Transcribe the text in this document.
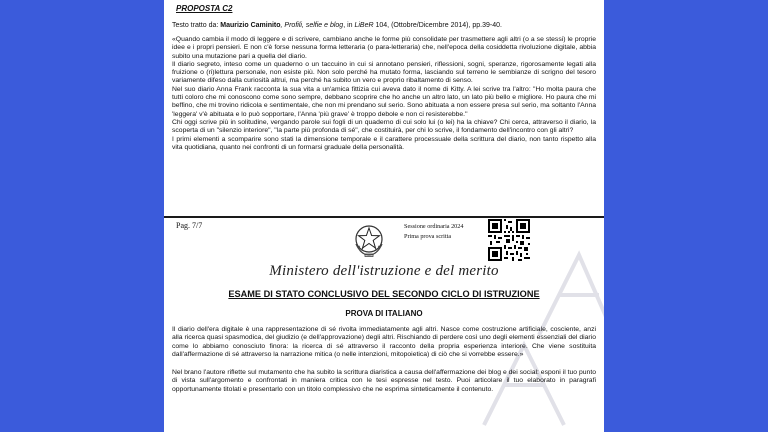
PROPOSTA C2
Testo tratto da: Maurizio Caminito, Profili, selfie e blog, in LiBeR 104, (Ottobre/Dicembre 2014), pp.39-40.

«Quando cambia il modo di leggere e di scrivere, cambiano anche le forme più consolidate per trasmettere agli altri (o a se stessi) le proprie idee e i propri pensieri. E non c'è forse nessuna forma letteraria (o para-letteraria) che, nell'epoca della cosiddetta rivoluzione digitale, abbia subito una mutazione pari a quella del diario.

Il diario segreto, inteso come un quaderno o un taccuino in cui si annotano pensieri, riflessioni, sogni, speranze, rigorosamente legati alla fruizione o (ri)lettura personale, non esiste più. Non solo perché ha mutato forma, lasciando sul terreno le sembianze di scrigno del tesoro variamente difeso dalla curiosità altrui, ma perché ha subito un vero e proprio ribaltamento di senso.

Nel suo diario Anna Frank racconta la sua vita a un'amica fittizia cui aveva dato il nome di Kitty. A lei scrive tra l'altro: "Ho molta paura che tutti coloro che mi conoscono come sono sempre, debbano scoprire che ho anche un altro lato, un lato più bello e migliore. Ho paura che mi beffino, che mi trovino ridicola e sentimentale, che non mi prendano sul serio. Sono abituata a non essere presa sul serio, ma soltanto l'Anna 'leggera' v'è abituata e lo può sopportare, l'Anna 'più grave' è troppo debole e non ci resisterebbe."

Chi oggi scrive più in solitudine, vergando parole sui fogli di un quaderno di cui solo lui (o lei) ha la chiave? Chi cerca, attraverso il diario, la scoperta di un "silenzio interiore", "la parte più profonda di sé", che costituirà, per chi lo scrive, il fondamento dell'incontro con gli altri?

I primi elementi a scomparire sono stati la dimensione temporale e il carattere processuale della scrittura del diario, non tanto rispetto alla vita quotidiana, quanto nei confronti di un formarsi graduale della personalità.

Pag. 7/7	Sessione ordinaria 2024
Prima prova scritta
Ministero dell'istruzione e del merito
ESAME DI STATO CONCLUSIVO DEL SECONDO CICLO DI ISTRUZIONE
PROVA DI ITALIANO

Il diario dell'era digitale è una rappresentazione di sé rivolta immediatamente agli altri. Nasce come costruzione artificiale, cosciente, anzi alla ricerca quasi spasmodica, del giudizio (e dell'approvazione) degli altri. Rischiando di perdere così uno degli elementi essenziali del diario come lo abbiamo conosciuto finora: la ricerca di sé attraverso il racconto della propria esperienza interiore. Che viene sostituita dall'affermazione di sé attraverso la narrazione mitica (o nelle intenzioni, mitopoietica) di ciò che si vorrebbe essere.»

Nel brano l'autore riflette sul mutamento che ha subito la scrittura diaristica a causa dell'affermazione dei blog e dei social: esponi il tuo punto di vista sull'argomento e confrontati in maniera critica con le tesi espresse nel testo. Puoi articolare il tuo elaborato in paragrafi opportunamente titolati e presentarlo con un titolo complessivo che ne esprima sinteticamente il contenuto.
